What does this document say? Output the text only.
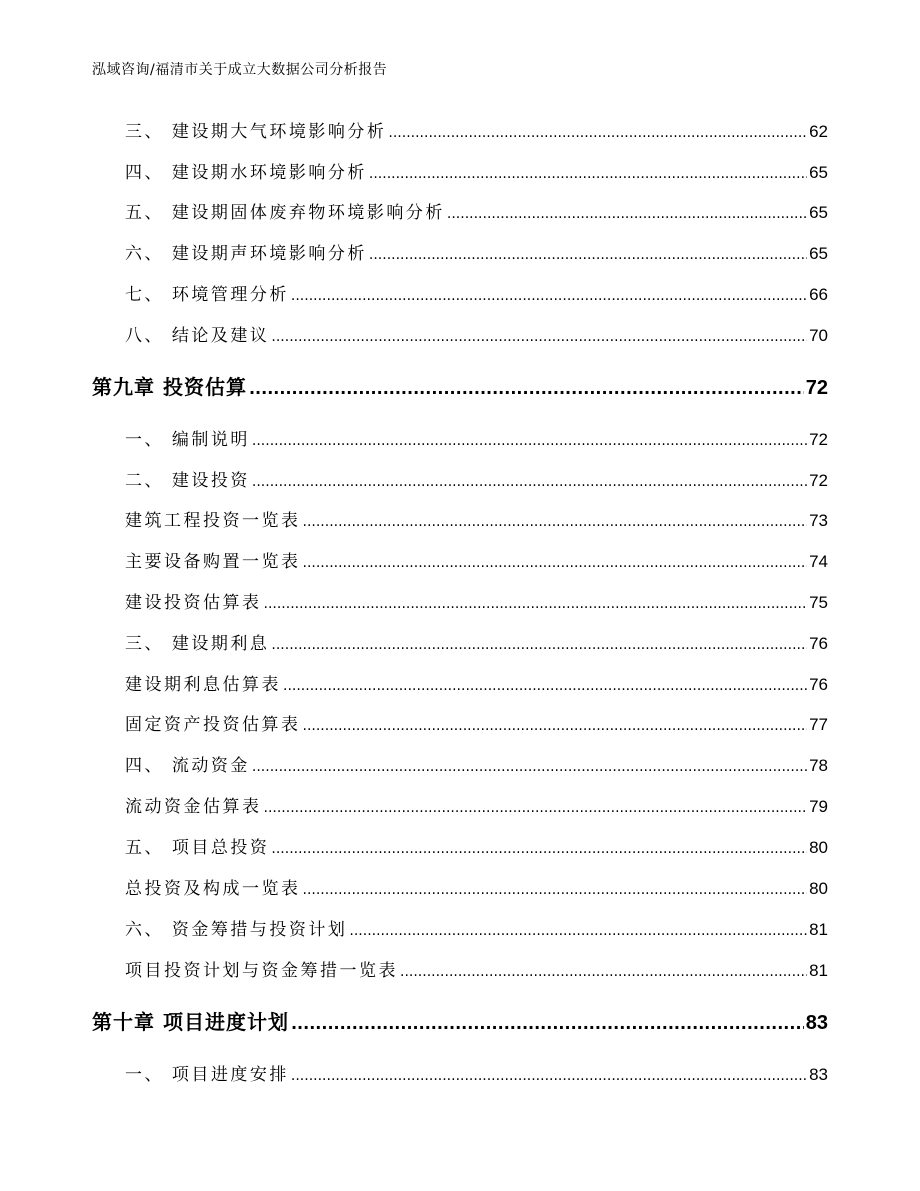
泓域咨询/福清市关于成立大数据公司分析报告
三、 建设期大气环境影响分析 .....	62
四、 建设期水环境影响分析 .....	65
五、 建设期固体废弃物环境影响分析 .....	65
六、 建设期声环境影响分析 .....	65
七、 环境管理分析 .....	66
八、 结论及建议 .....	70
第九章 投资估算 .....	72
一、 编制说明 .....	72
二、 建设投资 .....	72
建筑工程投资一览表 .....	73
主要设备购置一览表 .....	74
建设投资估算表 .....	75
三、 建设期利息 .....	76
建设期利息估算表 .....	76
固定资产投资估算表 .....	77
四、 流动资金 .....	78
流动资金估算表 .....	79
五、 项目总投资 .....	80
总投资及构成一览表 .....	80
六、 资金筹措与投资计划 .....	81
项目投资计划与资金筹措一览表 .....	81
第十章 项目进度计划 .....	83
一、 项目进度安排 .....	83
